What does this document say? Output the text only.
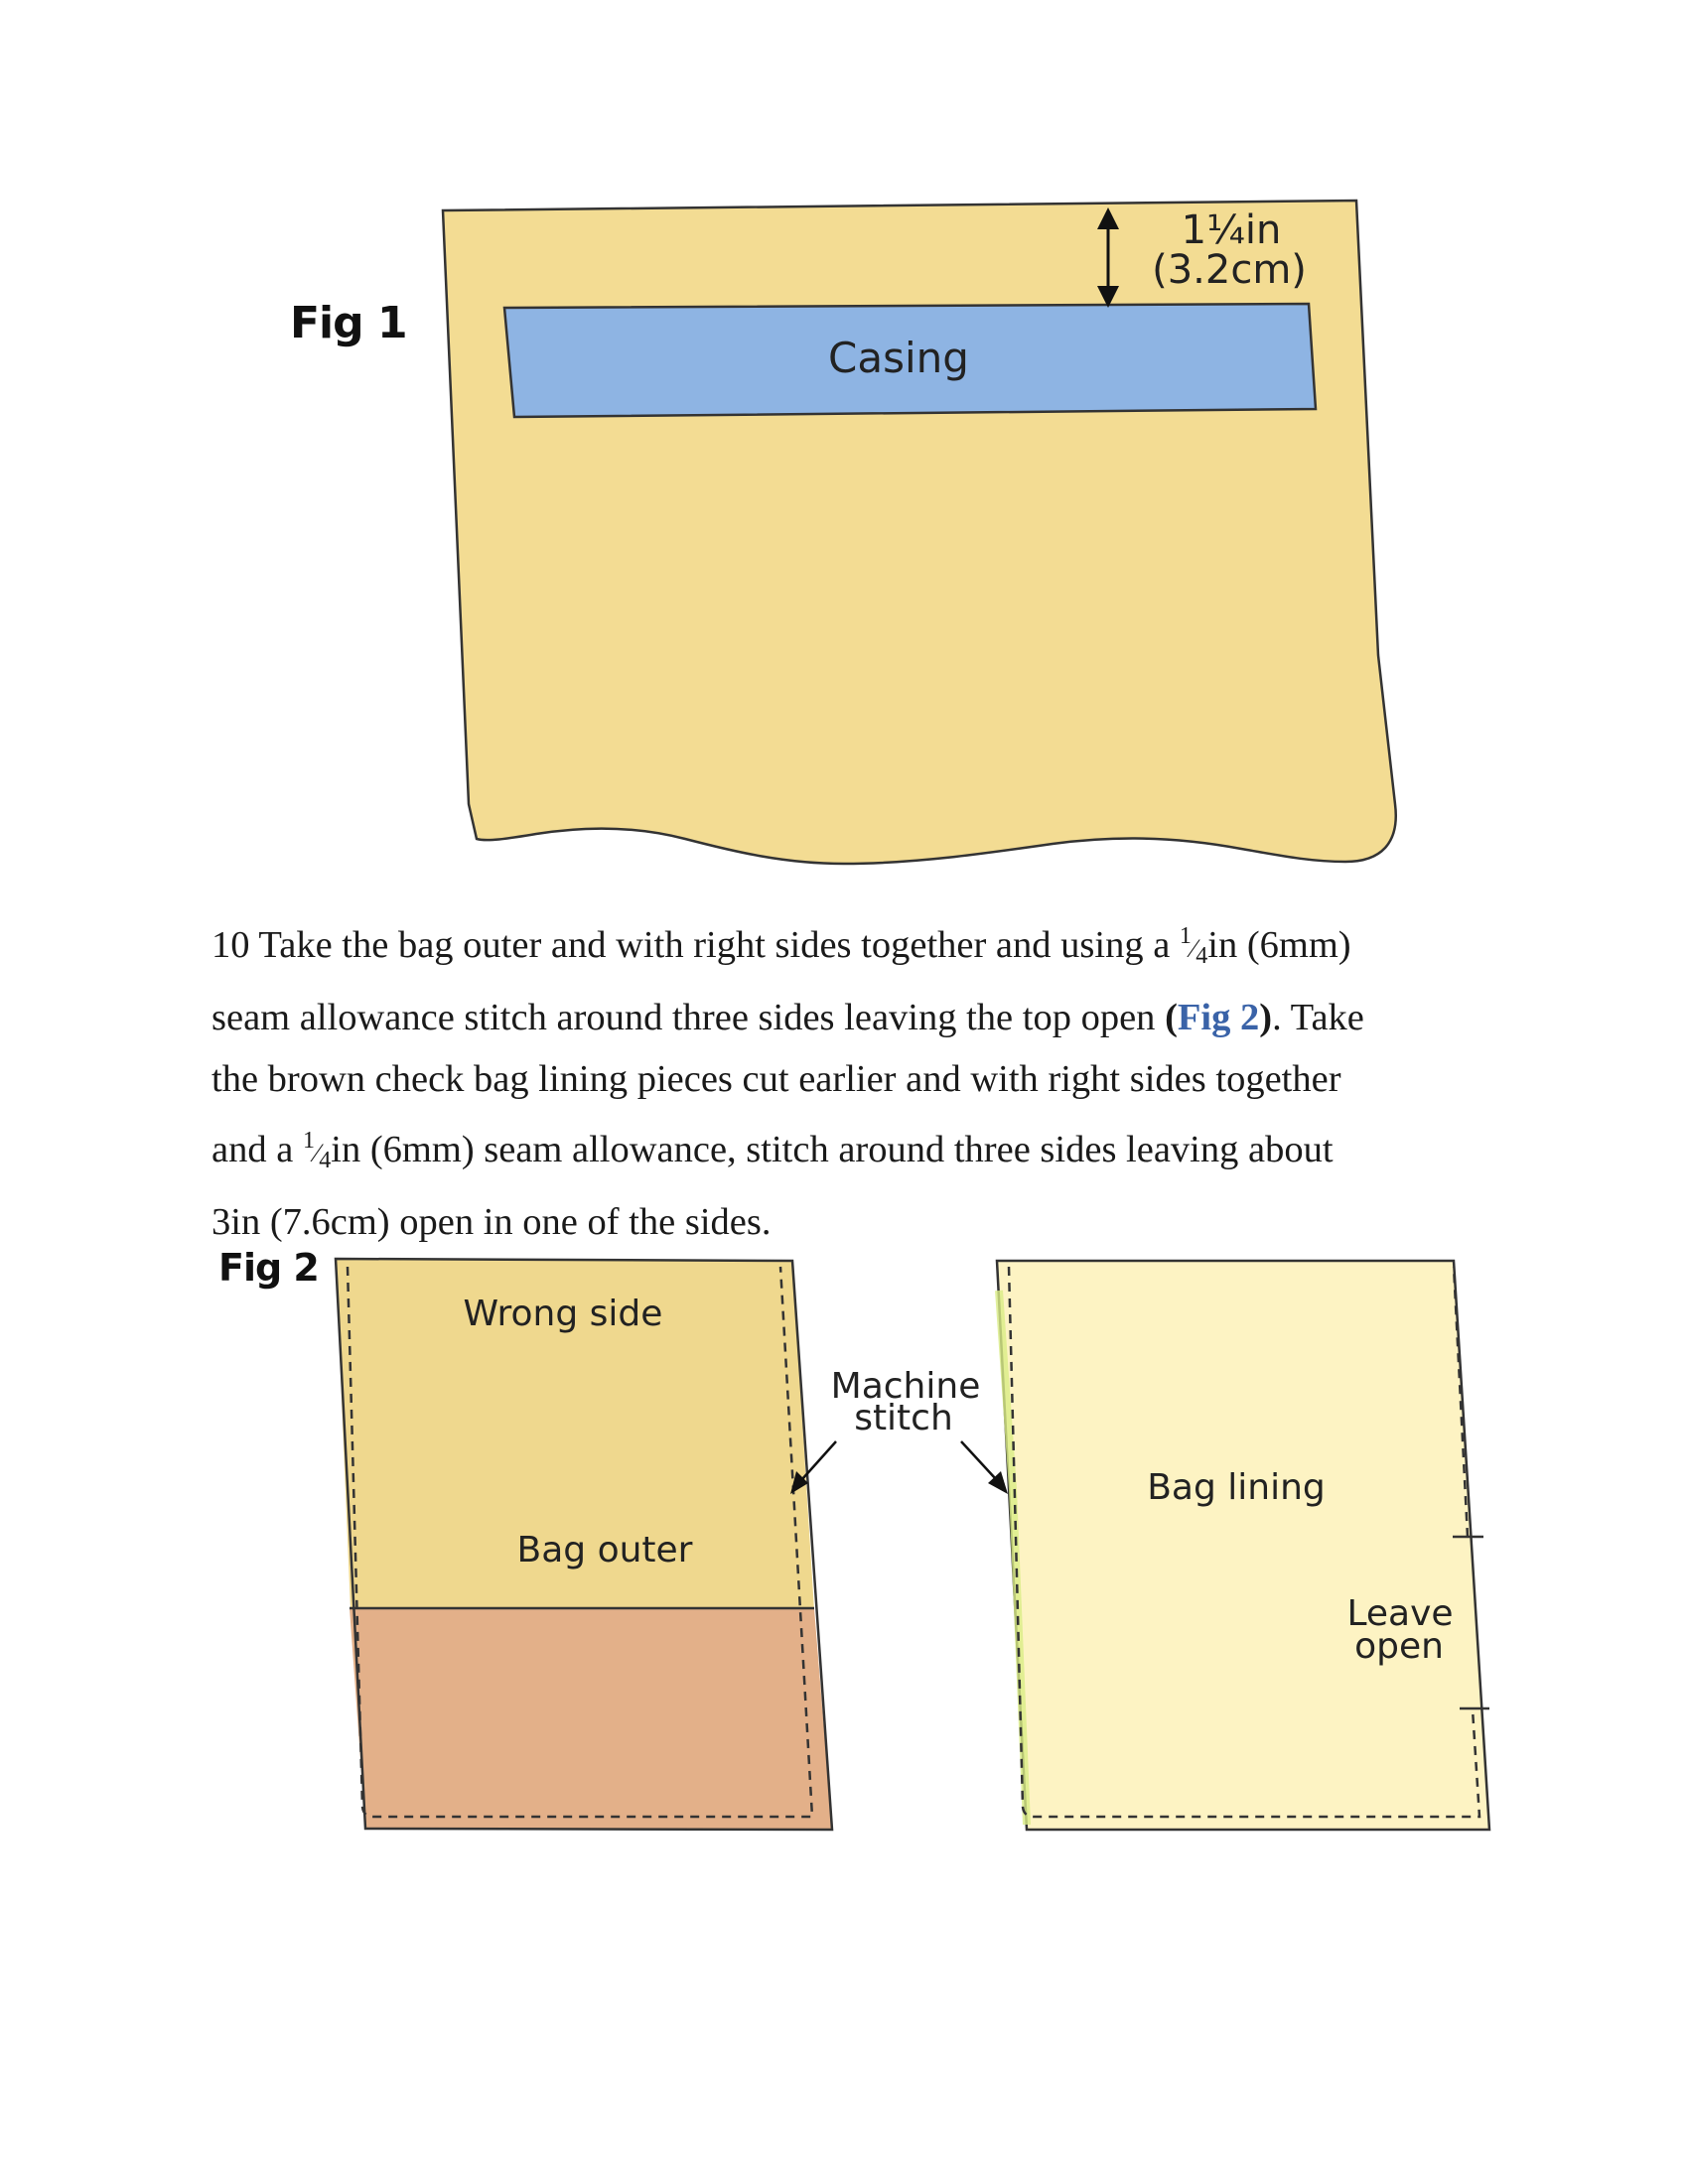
Fig 1
Casing
1¼in
(3.2cm)
10 Take the bag outer and with right sides together and using a $^1⁄_4in$ (6mm)
seam allowance stitch around three sides leaving the top open (Fig 2). Take
the brown check bag lining pieces cut earlier and with right sides together
and a $^1⁄_4in$ (6mm) seam allowance, stitch around three sides leaving about
3in (7.6cm) open in one of the sides.
Fig 2
Wrong side
Bag outer
Machine
stitch
Bag lining
Leave
open
